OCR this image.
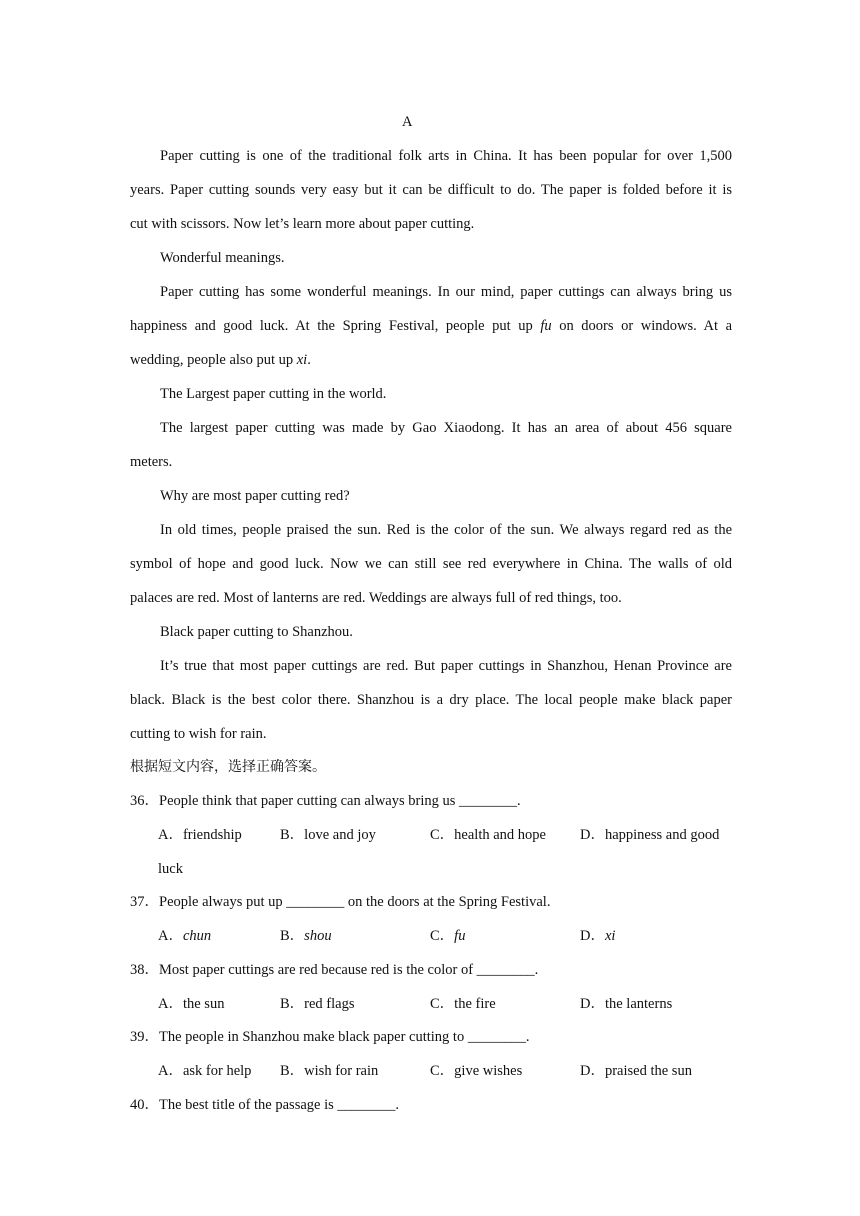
A
Paper cutting is one of the traditional folk arts in China. It has been popular for over 1,500
years. Paper cutting sounds very easy but it can be difficult to do. The paper is folded before it is
cut with scissors. Now let’s learn more about paper cutting.
Wonderful meanings.
Paper cutting has some wonderful meanings. In our mind, paper cuttings can always bring us
happiness and good luck. At the Spring Festival, people put up fu on doors or windows. At a
wedding, people also put up xi.
The Largest paper cutting in the world.
The largest paper cutting was made by Gao Xiaodong. It has an area of about 456 square
meters.
Why are most paper cutting red?
In old times, people praised the sun. Red is the color of the sun. We always regard red as the
symbol of hope and good luck. Now we can still see red everywhere in China. The walls of old
palaces are red. Most of lanterns are red. Weddings are always full of red things, too.
Black paper cutting to Shanzhou.
It’s true that most paper cuttings are red. But paper cuttings in Shanzhou, Henan Province are
black. Black is the best color there. Shanzhou is a dry place. The local people make black paper
cutting to wish for rain.
根据短文内容，选择正确答案。
36．People think that paper cutting can always bring us ________.
A．friendship	B．love and joy	C．health and hope D．happiness and good
luck
37．People always put up ________ on the doors at the Spring Festival.
A．chun	B．shou	C．fu	D．xi
38．Most paper cuttings are red because red is the color of ________.
A．the sun	B．red flags	C．the fire	D．the lanterns
39．The people in Shanzhou make black paper cutting to ________.
A．ask for help B．wish for rain	C．give wishes	D．praised the sun
40．The best title of the passage is ________.
